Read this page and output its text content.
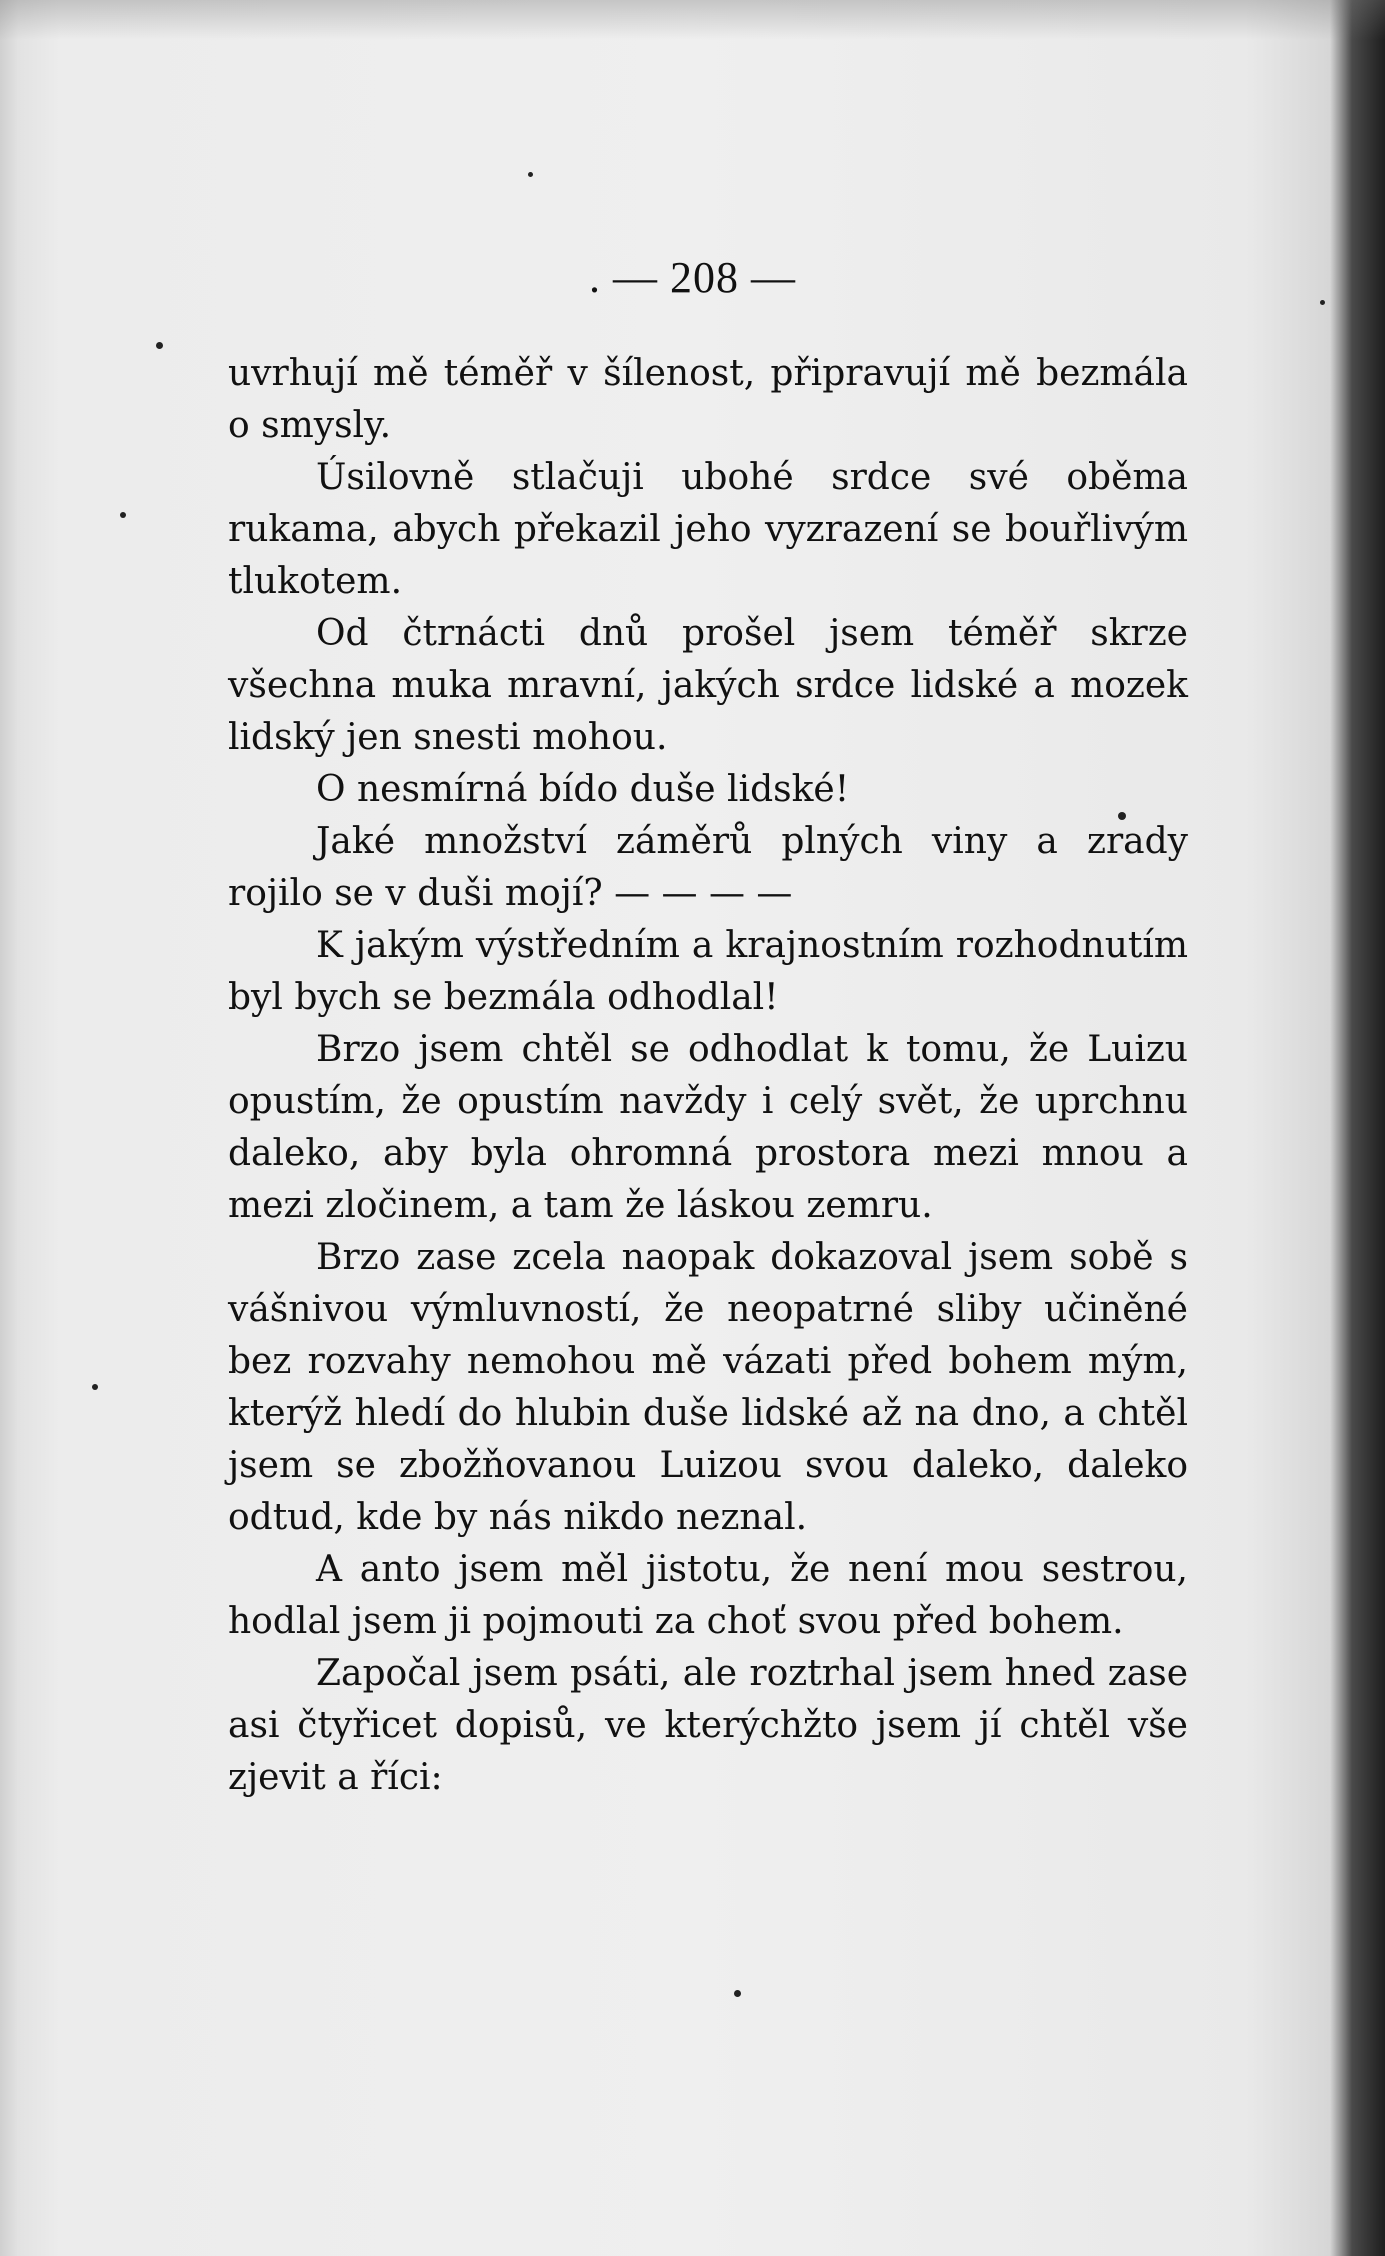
. — 208 —

uvrhují mě téměř v šílenost, připravují mě bezmála o smysly.

Úsilovně stlačuji ubohé srdce své oběma rukama, abych překazil jeho vyzrazení se bouřlivým tlukotem.

Od čtrnácti dnů prošel jsem téměř skrze všechna muka mravní, jakých srdce lidské a mozek lidský jen snesti mohou.

O nesmírná bído duše lidské!

Jaké množství záměrů plných viny a zrady rojilo se v duši mojí? — — — —

K jakým výstředním a krajnostním rozhodnutím byl bych se bezmála odhodlal!

Brzo jsem chtěl se odhodlat k tomu, že Luizu opustím, že opustím navždy i celý svět, že uprchnu daleko, aby byla ohromná prostora mezi mnou a mezi zločinem, a tam že láskou zemru.

Brzo zase zcela naopak dokazoval jsem sobě s vášnivou výmluvností, že neopatrné sliby učiněné bez rozvahy nemohou mě vázati před bohem mým, kterýž hledí do hlubin duše lidské až na dno, a chtěl jsem se zbožňovanou Luizou svou daleko, daleko odtud, kde by nás nikdo neznal.

A anto jsem měl jistotu, že není mou sestrou, hodlal jsem ji pojmouti za choť svou před bohem.

Započal jsem psáti, ale roztrhal jsem hned zase asi čtyřicet dopisů, ve kterýchžto jsem jí chtěl vše zjevit a říci:
